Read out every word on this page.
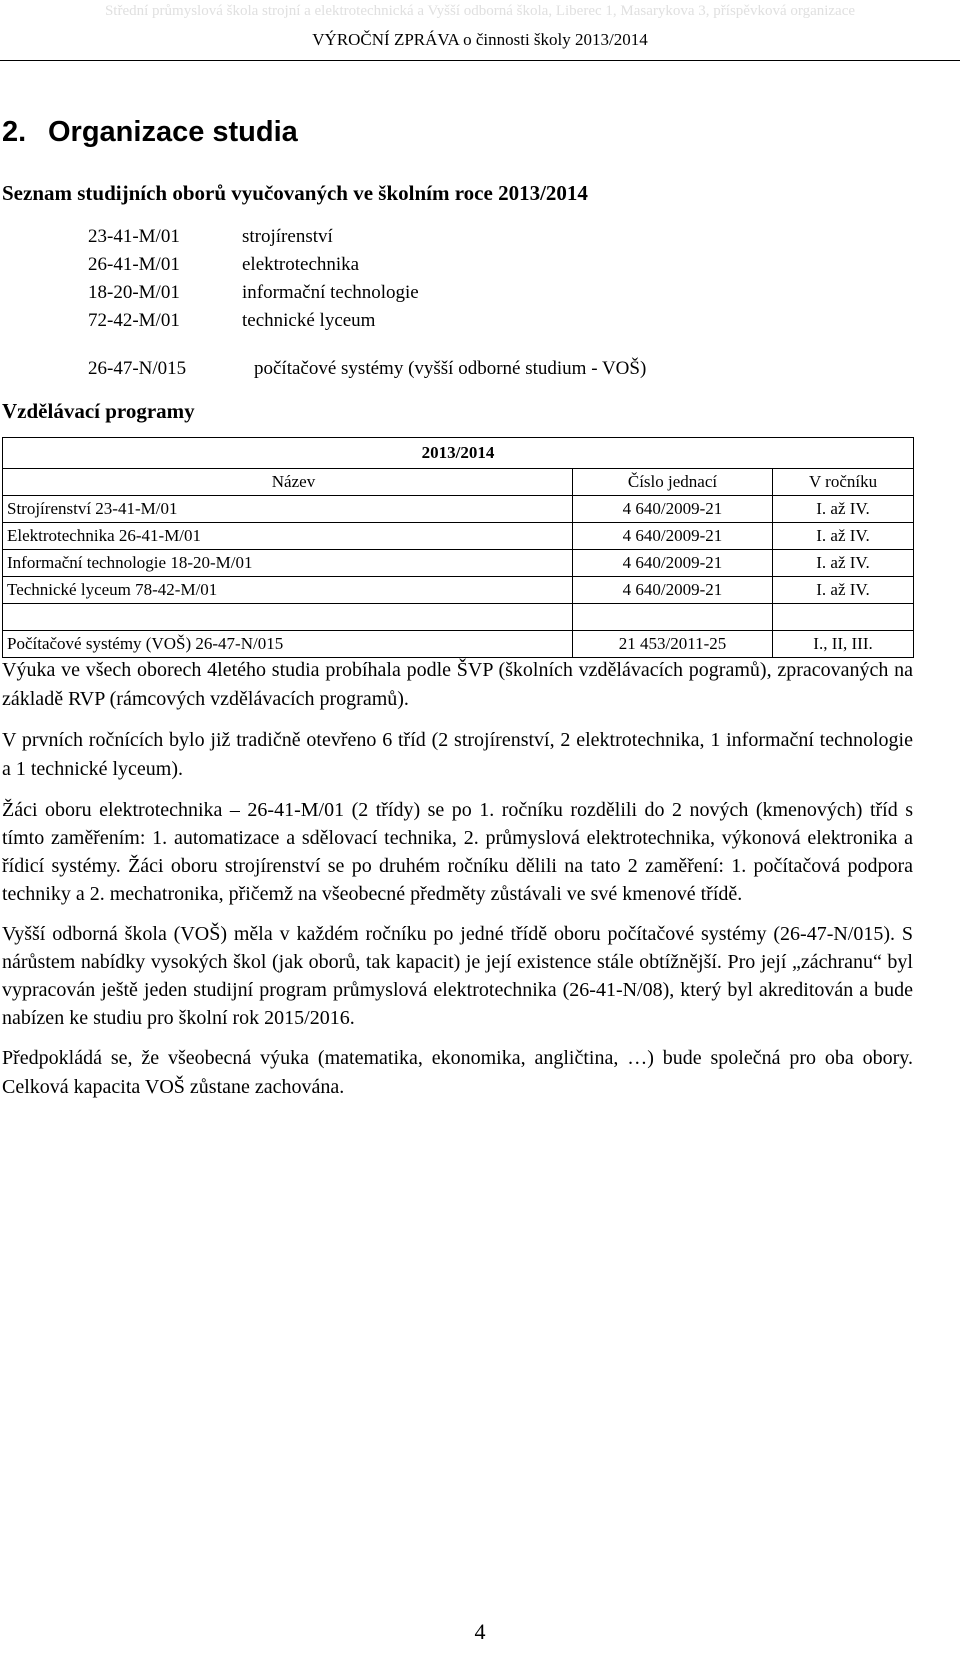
Střední průmyslová škola strojní a elektrotechnická a Vyšší odborná škola, Liberec 1, Masarykova 3, příspěvková organizace
VÝROČNÍ ZPRÁVA o činnosti školy 2013/2014
2. Organizace studia
Seznam studijních oborů vyučovaných ve školním roce 2013/2014
23-41-M/01	strojírenství
26-41-M/01	elektrotechnika
18-20-M/01	informační technologie
72-42-M/01	technické lyceum
26-47-N/015	počítačové systémy (vyšší odborné studium - VOŠ)
Vzdělávací programy
2013/2014		
Název	Číslo jednací	V ročníku
Strojírenství 23-41-M/01	4 640/2009-21	I. až IV.
Elektrotechnika 26-41-M/01	4 640/2009-21	I. až IV.
Informační technologie 18-20-M/01	4 640/2009-21	I. až IV.
Technické lyceum 78-42-M/01	4 640/2009-21	I. až IV.

Počítačové systémy (VOŠ) 26-47-N/015	21 453/2011-25	I., II, III.

Výuka ve všech oborech 4letého studia probíhala podle ŠVP (školních vzdělávacích pogramů), zpracovaných na základě RVP (rámcových vzdělávacích programů).

V prvních ročnících bylo již tradičně otevřeno 6 tříd (2 strojírenství, 2 elektrotechnika, 1 informační technologie a 1 technické lyceum).

Žáci oboru elektrotechnika – 26-41-M/01 (2 třídy) se po 1. ročníku rozdělili do 2 nových (kmenových) tříd s tímto zaměřením: 1. automatizace a sdělovací technika, 2. průmyslová elektrotechnika, výkonová elektronika a řídicí systémy. Žáci oboru strojírenství se po druhém ročníku dělili na tato 2 zaměření: 1. počítačová podpora techniky a 2. mechatronika, přičemž na všeobecné předměty zůstávali ve své kmenové třídě.

Vyšší odborná škola (VOŠ) měla v každém ročníku po jedné třídě oboru počítačové systémy (26-47-N/015). S nárůstem nabídky vysokých škol (jak oborů, tak kapacit) je její existence stále obtížnější. Pro její „záchranu“ byl vypracován ještě jeden studijní program průmyslová elektrotechnika (26-41-N/08), který byl akreditován a bude nabízen ke studiu pro školní rok 2015/2016.

Předpokládá se, že všeobecná výuka (matematika, ekonomika, angličtina, …) bude společná pro oba obory. Celková kapacita VOŠ zůstane zachována.

4
